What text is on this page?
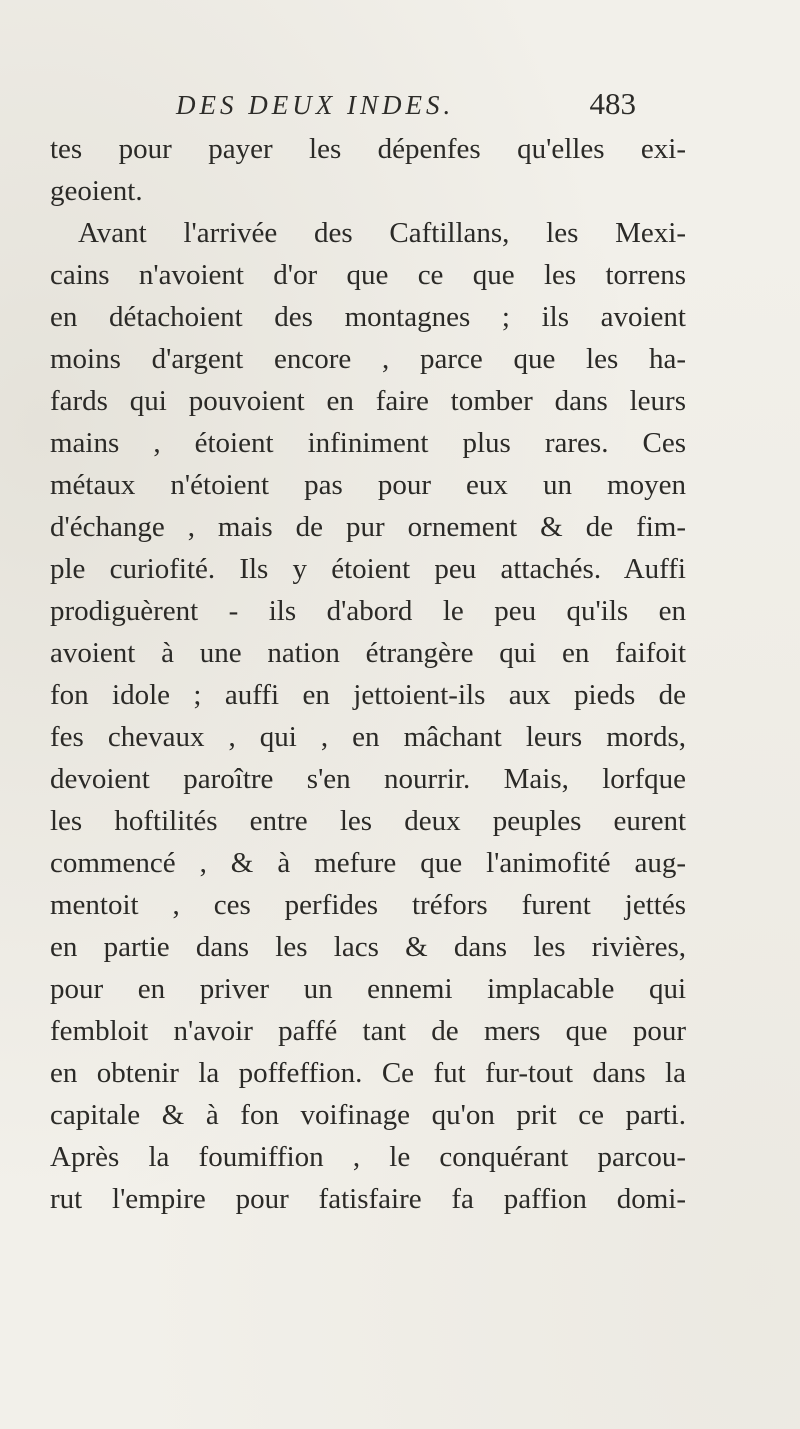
DES DEUX INDES.	483
tes pour payer les dépenfes qu'elles exi-
geoient.
Avant l'arrivée des Caftillans, les Mexi-
cains n'avoient d'or que ce que les torrens
en détachoient des montagnes ; ils avoient
moins d'argent encore , parce que les ha-
fards qui pouvoient en faire tomber dans leurs
mains , étoient infiniment plus rares. Ces
métaux n'étoient pas pour eux un moyen
d'échange , mais de pur ornement & de fim-
ple curiofité. Ils y étoient peu attachés. Auffi
prodiguèrent - ils d'abord le peu qu'ils en
avoient à une nation étrangère qui en faifoit
fon idole ; auffi en jettoient-ils aux pieds de
fes chevaux , qui , en mâchant leurs mords,
devoient paroître s'en nourrir. Mais, lorfque
les hoftilités entre les deux peuples eurent
commencé , & à mefure que l'animofité aug-
mentoit , ces perfides tréfors furent jettés
en partie dans les lacs & dans les rivières,
pour en priver un ennemi implacable qui
fembloit n'avoir paffé tant de mers que pour
en obtenir la poffeffion. Ce fut fur-tout dans la
capitale & à fon voifinage qu'on prit ce parti.
Après la foumiffion , le conquérant parcou-
rut l'empire pour fatisfaire fa paffion domi-
